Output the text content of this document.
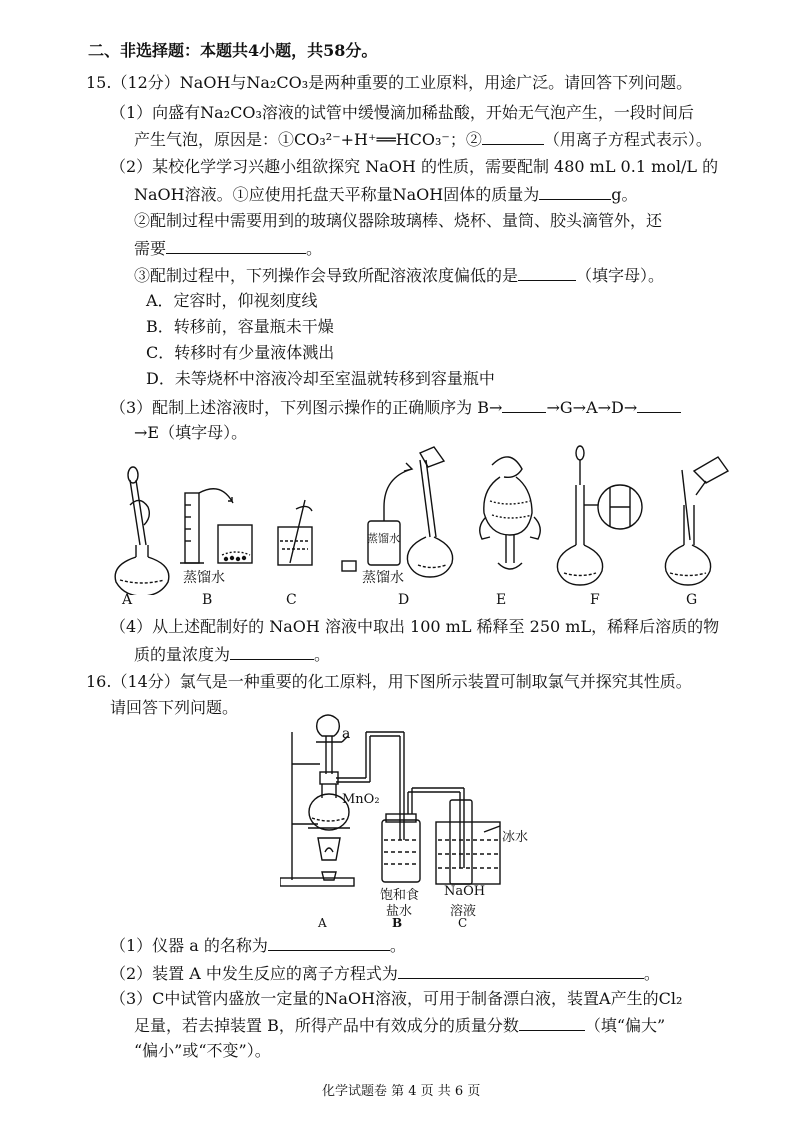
二、非选择题：本题共4小题，共58分。
15.（12分）NaOH与Na₂CO₃是两种重要的工业原料，用途广泛。请回答下列问题。
（1）向盛有Na₂CO₃溶液的试管中缓慢滴加稀盐酸，开始无气泡产生，一段时间后
产生气泡，原因是：①CO₃²⁻+H⁺══HCO₃⁻；②	（用离子方程式表示）。
（2）某校化学学习兴趣小组欲探究 NaOH 的性质，需要配制 480 mL 0.1 mol/L 的
NaOH溶液。①应使用托盘天平称量NaOH固体的质量为	g。
②配制过程中需要用到的玻璃仪器除玻璃棒、烧杯、量筒、胶头滴管外，还
需要	。
③配制过程中，下列操作会导致所配溶液浓度偏低的是	（填字母）。
A．定容时，仰视刻度线
B．转移前，容量瓶未干燥
C．转移时有少量液体溅出
D．未等烧杯中溶液冷却至室温就转移到容量瓶中
（3）配制上述溶液时，下列图示操作的正确顺序为 B→	→G→A→D→
→E（填字母）。
蒸馏水
蒸馏水
蒸馏水
A	B	C	D	E	F	G
（4）从上述配制好的 NaOH 溶液中取出 100 mL 稀释至 250 mL，稀释后溶质的物
质的量浓度为	。
16.（14分）氯气是一种重要的化工原料，用下图所示装置可制取氯气并探究其性质。
请回答下列问题。
a
MnO₂
冰水
饱和食
盐水
NaOH
溶液
A	B	C
（1）仪器 a 的名称为	。
（2）装置 A 中发生反应的离子方程式为	。
（3）C中试管内盛放一定量的NaOH溶液，可用于制备漂白液，装置A产生的Cl₂
足量，若去掉装置 B，所得产品中有效成分的质量分数	（填“偏大”
“偏小”或“不变”）。
化学试题卷 第 4 页 共 6 页
